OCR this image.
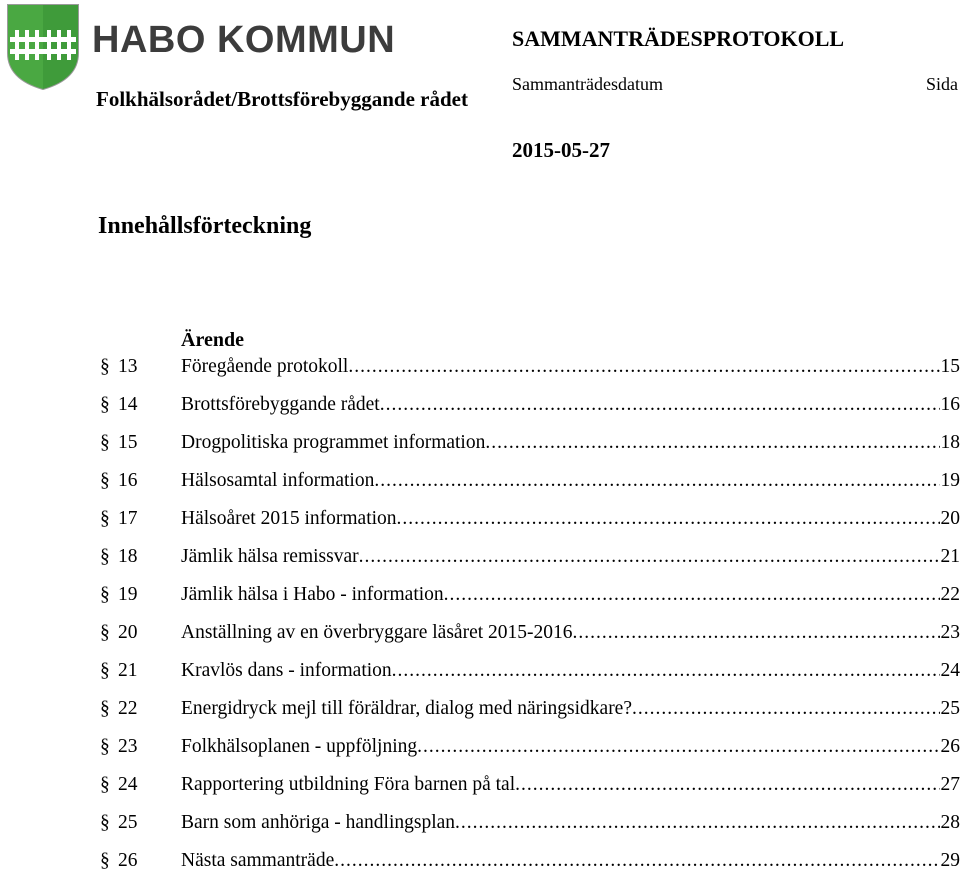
HABO KOMMUN	SAMMANTRÄDESPROTOKOLL
Folkhälsorådet/Brottsförebyggande rådet
Sammanträdesdatum	Sida
2015-05-27
Innehållsförteckning
Ärende
§ 13	Föregående protokoll .....	15
§ 14	Brottsförebyggande rådet .....	16
§ 15	Drogpolitiska programmet information .....	18
§ 16	Hälsosamtal information .....	19
§ 17	Hälsoåret 2015 information .....	20
§ 18	Jämlik hälsa remissvar .....	21
§ 19	Jämlik hälsa i Habo - information .....	22
§ 20	Anställning av en överbryggare läsåret 2015-2016 .....	23
§ 21	Kravlös dans - information .....	24
§ 22	Energidryck mejl till föräldrar, dialog med näringsidkare? .....	25
§ 23	Folkhälsoplanen - uppföljning .....	26
§ 24	Rapportering utbildning Föra barnen på tal .....	27
§ 25	Barn som anhöriga - handlingsplan .....	28
§ 26	Nästa sammanträde .....	29
